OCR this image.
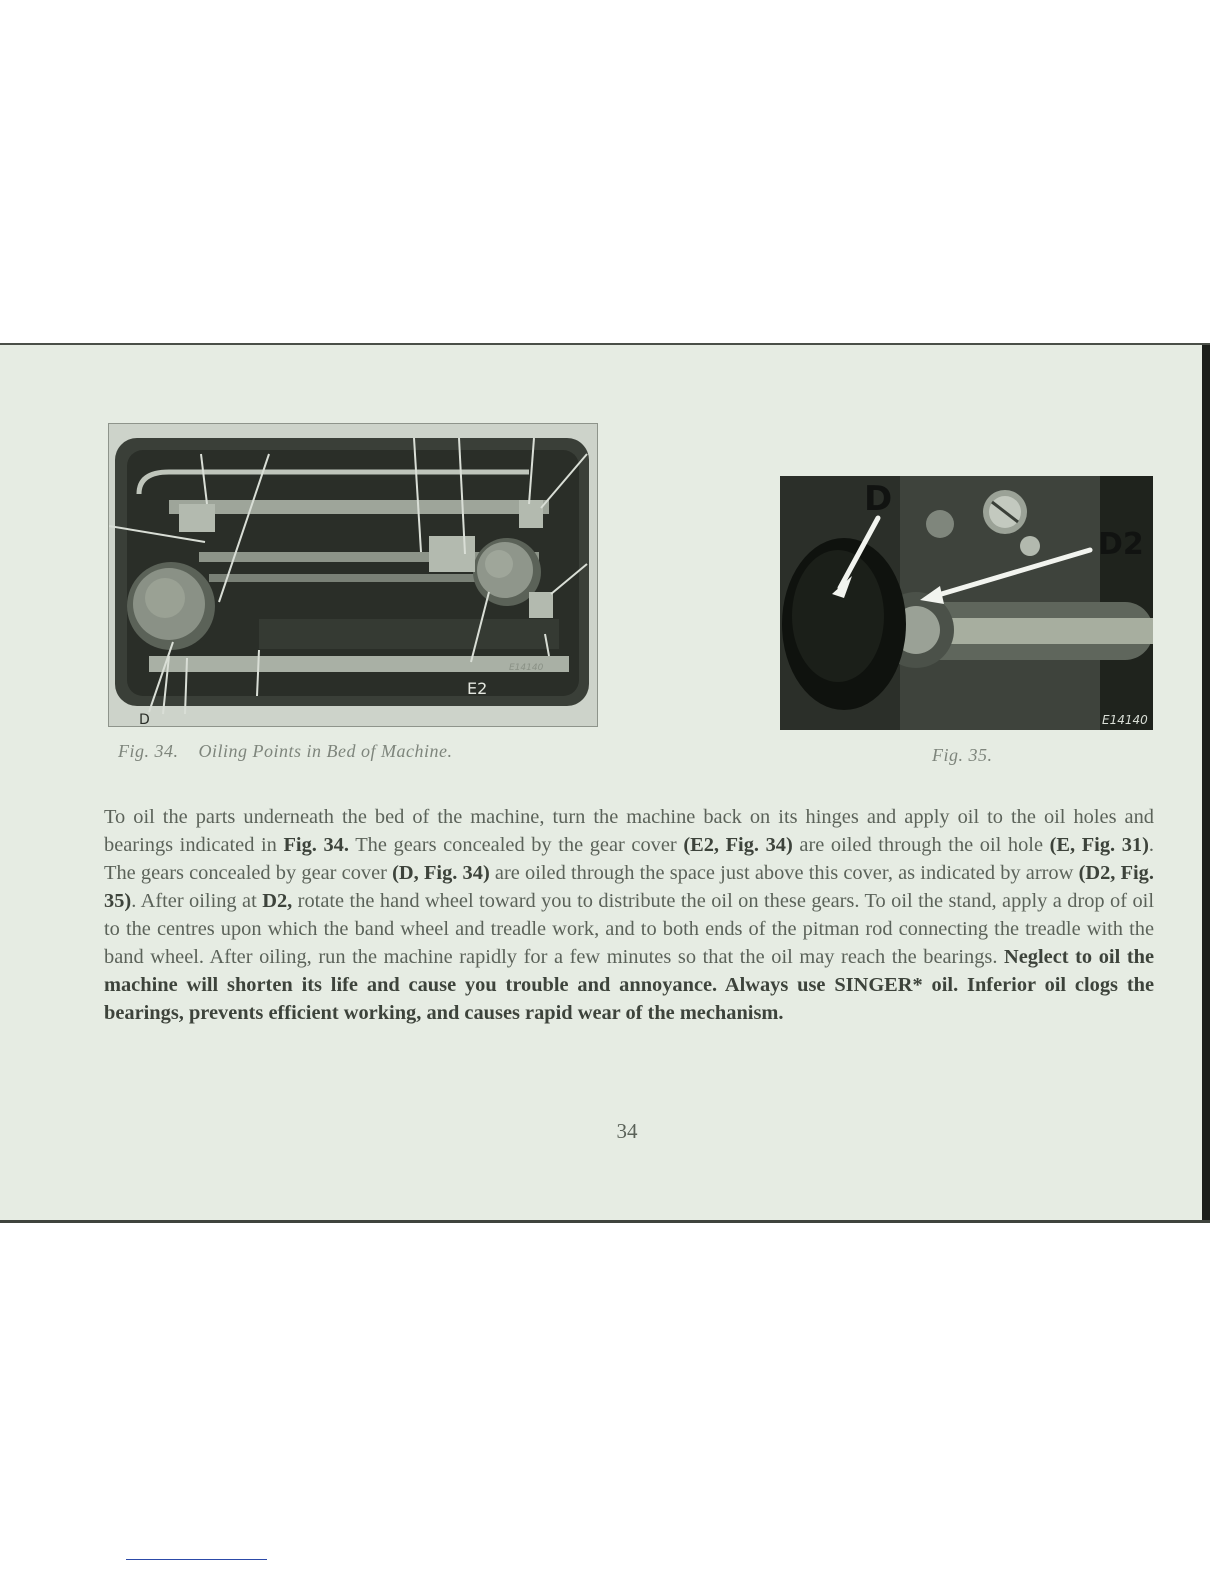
E2
D
E14140
D
D2
E14140
Fig. 34. Oiling Points in Bed of Machine.	Fig. 35.
To oil the parts underneath the bed of the machine, turn the machine back on its hinges and apply oil to the oil holes and bearings indicated in Fig. 34. The gears concealed by the gear cover (E2, Fig. 34) are oiled through the oil hole (E, Fig. 31). The gears concealed by gear cover (D, Fig. 34) are oiled through the space just above this cover, as indicated by arrow (D2, Fig. 35). After oiling at D2, rotate the hand wheel toward you to distribute the oil on these gears. To oil the stand, apply a drop of oil to the centres upon which the band wheel and treadle work, and to both ends of the pitman rod connecting the treadle with the band wheel. After oiling, run the machine rapidly for a few minutes so that the oil may reach the bearings. Neglect to oil the machine will shorten its life and cause you trouble and annoyance. Always use SINGER* oil. Inferior oil clogs the bearings, prevents efficient working, and causes rapid wear of the mechanism.
34
